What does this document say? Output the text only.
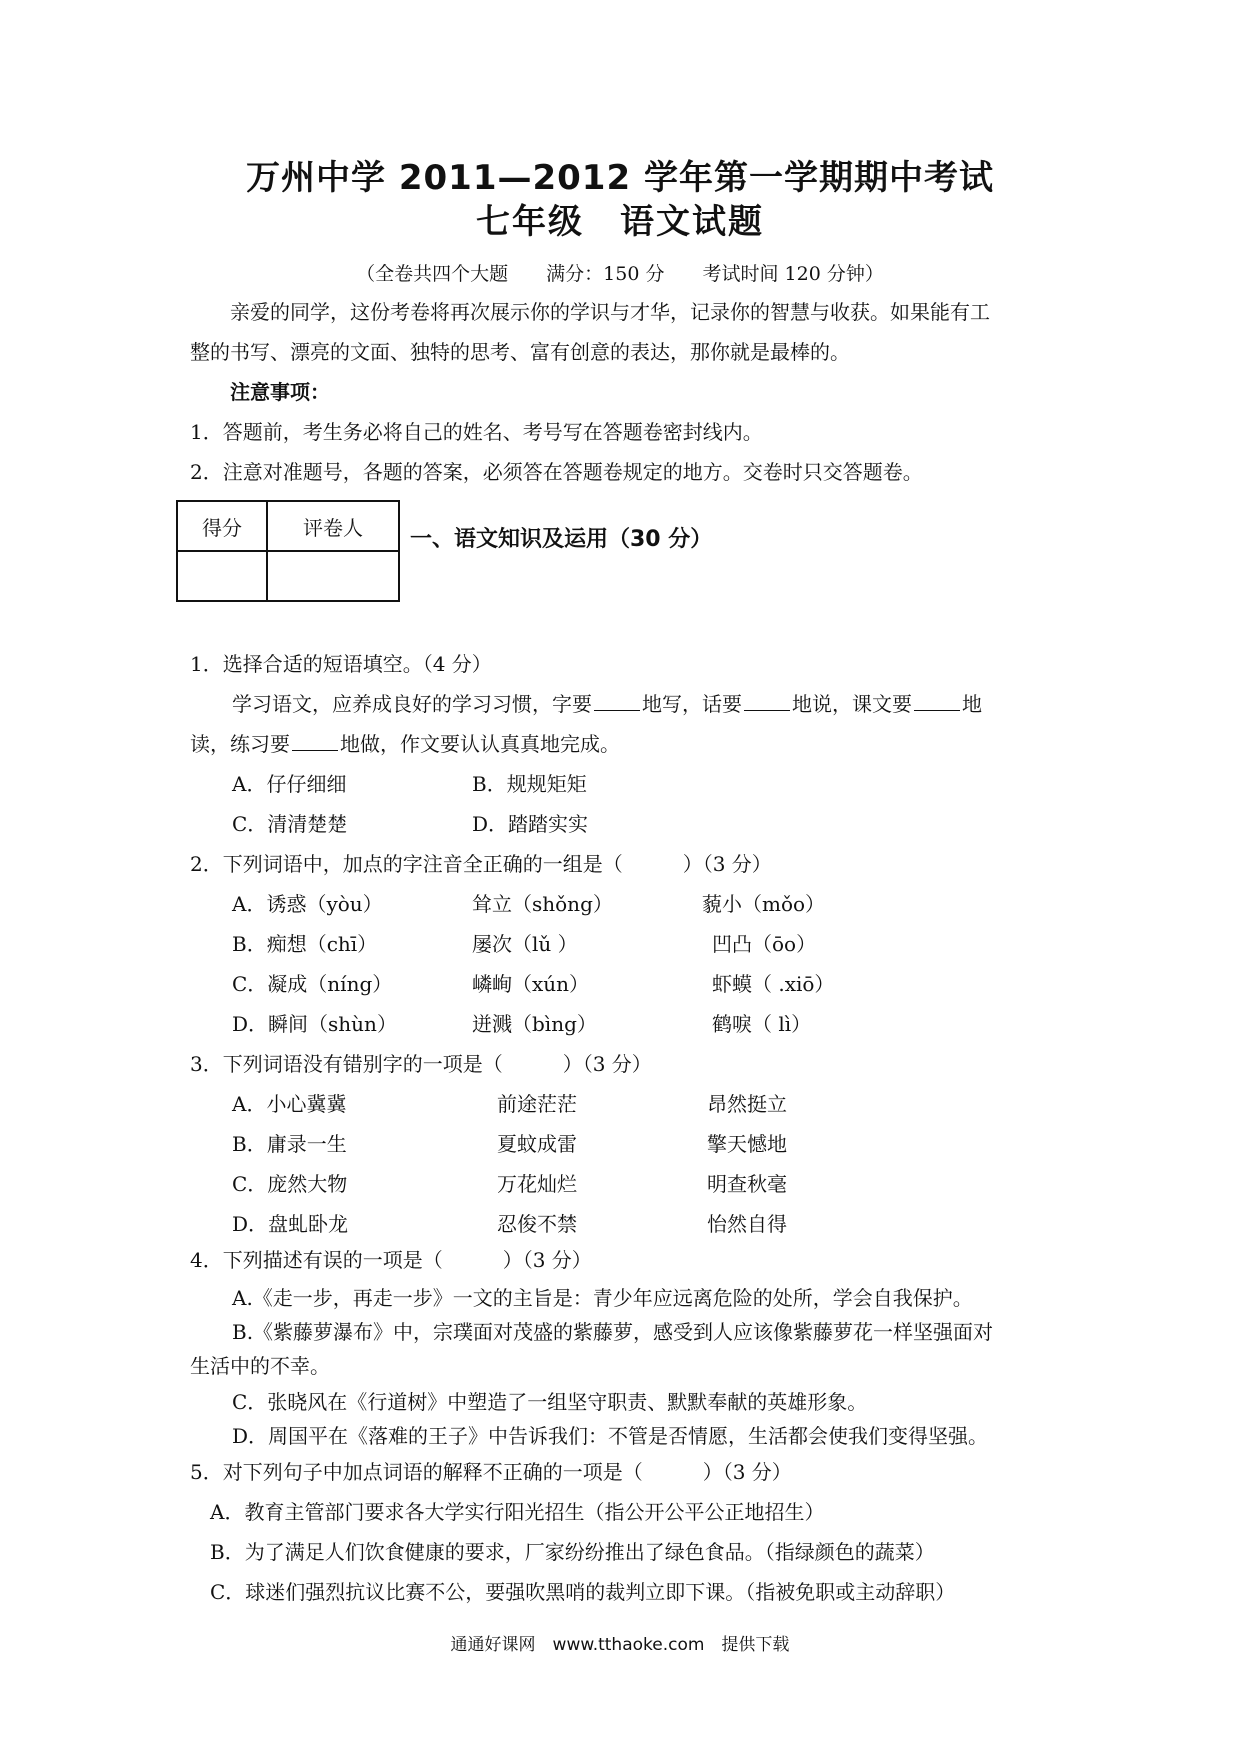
万州中学 2011—2012 学年第一学期期中考试
七年级　语文试题
（全卷共四个大题　　满分：150 分　　考试时间 120 分钟）
亲爱的同学，这份考卷将再次展示你的学识与才华，记录你的智慧与收获。如果能有工
整的书写、漂亮的文面、独特的思考、富有创意的表达，那你就是最棒的。
注意事项：
1．答题前，考生务必将自己的姓名、考号写在答题卷密封线内。
2．注意对准题号，各题的答案，必须答在答题卷规定的地方。交卷时只交答题卷。
得分	评卷人
	一、语文知识及运用（30 分）
1．选择合适的短语填空。（4 分）
学习语文，应养成良好的学习习惯，字要	地写，话要	地说，课文要	地
读，练习要	地做，作文要认认真真地完成。
A．仔仔细细	B．规规矩矩
C．清清楚楚	D．踏踏实实
2．下列词语中，加点的字注音全正确的一组是（　　　）（3 分）
A．诱惑（yòu）	耸立（shǒng）	藐小（mǒo）
B．痴想（chī）	屡次（lǔ ）	凹凸（ōo）
C．凝成（níng）	嶙峋（xún）	虾蟆（ .xiō）
D．瞬间（shùn）	迸溅（bìng）	鹤唳（ lì）
3．下列词语没有错别字的一项是（　　　）（3 分）
A．小心冀冀	前途茫茫	昂然挺立
B．庸录一生	夏蚊成雷	擎天憾地
C．庞然大物	万花灿烂	明查秋毫
D．盘虬卧龙	忍俊不禁	怡然自得
4．下列描述有误的一项是（　　　）（3 分）
A.《走一步，再走一步》一文的主旨是：青少年应远离危险的处所，学会自我保护。
B.《紫藤萝瀑布》中，宗璞面对茂盛的紫藤萝，感受到人应该像紫藤萝花一样坚强面对
生活中的不幸。
C．张晓风在《行道树》中塑造了一组坚守职责、默默奉献的英雄形象。
D．周国平在《落难的王子》中告诉我们：不管是否情愿，生活都会使我们变得坚强。
5．对下列句子中加点词语的解释不正确的一项是（　　　）（3 分）
A．教育主管部门要求各大学实行阳光招生（指公开公平公正地招生）
B．为了满足人们饮食健康的要求，厂家纷纷推出了绿色食品。（指绿颜色的蔬菜）
C．球迷们强烈抗议比赛不公，要强吹黑哨的裁判立即下课。（指被免职或主动辞职）
通通好课网　www.tthaoke.com　提供下载
